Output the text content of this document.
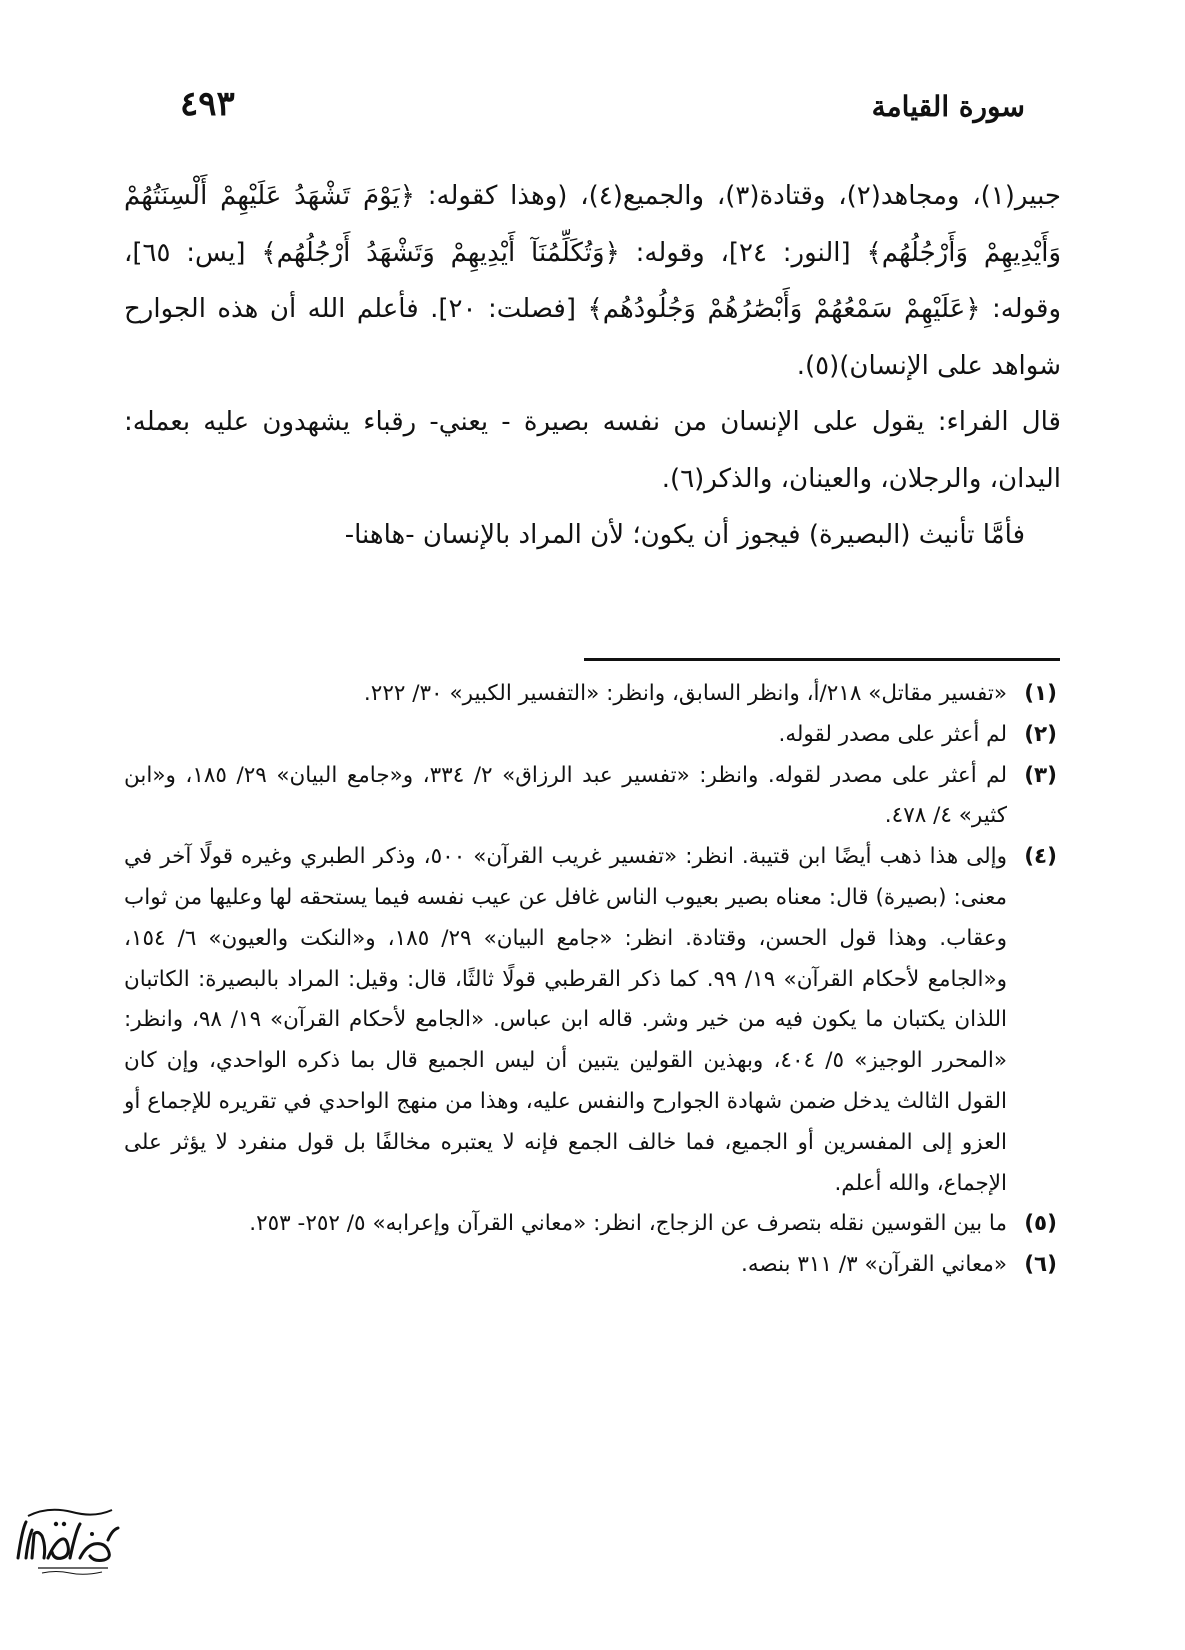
سورة القيامة
٤٩٣

جبير(١)، ومجاهد(٢)، وقتادة(٣)، والجميع(٤)، (وهذا كقوله: ﴿يَوْمَ تَشْهَدُ عَلَيْهِمْ أَلْسِنَتُهُمْ وَأَيْدِيهِمْ وَأَرْجُلُهُم﴾ [النور: ٢٤]، وقوله: ﴿وَتُكَلِّمُنَآ أَيْدِيهِمْ وَتَشْهَدُ أَرْجُلُهُم﴾ [يس: ٦٥]، وقوله: ﴿عَلَيْهِمْ سَمْعُهُمْ وَأَبْصَٰرُهُمْ وَجُلُودُهُم﴾ [فصلت: ٢٠]. فأعلم الله أن هذه الجوارح شواهد على الإنسان)(٥).

قال الفراء: يقول على الإنسان من نفسه بصيرة - يعني- رقباء يشهدون عليه بعمله: اليدان، والرجلان، والعينان، والذكر(٦).

فأمَّا تأنيث (البصيرة) فيجوز أن يكون؛ لأن المراد بالإنسان -هاهنا-

(١)
«تفسير مقاتل» ٢١٨/أ، وانظر السابق، وانظر: «التفسير الكبير» ٣٠/ ٢٢٢.
(٢)
لم أعثر على مصدر لقوله.
(٣)
لم أعثر على مصدر لقوله. وانظر: «تفسير عبد الرزاق» ٢/ ٣٣٤، و«جامع البيان» ٢٩/ ١٨٥، و«ابن كثير» ٤/ ٤٧٨.
(٤)
وإلى هذا ذهب أيضًا ابن قتيبة. انظر: «تفسير غريب القرآن» ٥٠٠، وذكر الطبري وغيره قولًا آخر في معنى: (بصيرة) قال: معناه بصير بعيوب الناس غافل عن عيب نفسه فيما يستحقه لها وعليها من ثواب وعقاب. وهذا قول الحسن، وقتادة. انظر: «جامع البيان» ٢٩/ ١٨٥، و«النكت والعيون» ٦/ ١٥٤، و«الجامع لأحكام القرآن» ١٩/ ٩٩. كما ذكر القرطبي قولًا ثالثًا، قال: وقيل: المراد بالبصيرة: الكاتبان اللذان يكتبان ما يكون فيه من خير وشر. قاله ابن عباس. «الجامع لأحكام القرآن» ١٩/ ٩٨، وانظر: «المحرر الوجيز» ٥/ ٤٠٤، وبهذين القولين يتبين أن ليس الجميع قال بما ذكره الواحدي، وإن كان القول الثالث يدخل ضمن شهادة الجوارح والنفس عليه، وهذا من منهج الواحدي في تقريره للإجماع أو العزو إلى المفسرين أو الجميع، فما خالف الجمع فإنه لا يعتبره مخالفًا بل قول منفرد لا يؤثر على الإجماع، والله أعلم.
(٥)
ما بين القوسين نقله بتصرف عن الزجاج، انظر: «معاني القرآن وإعرابه» ٥/ ٢٥٢- ٢٥٣.
(٦)
«معاني القرآن» ٣/ ٣١١ بنصه.
